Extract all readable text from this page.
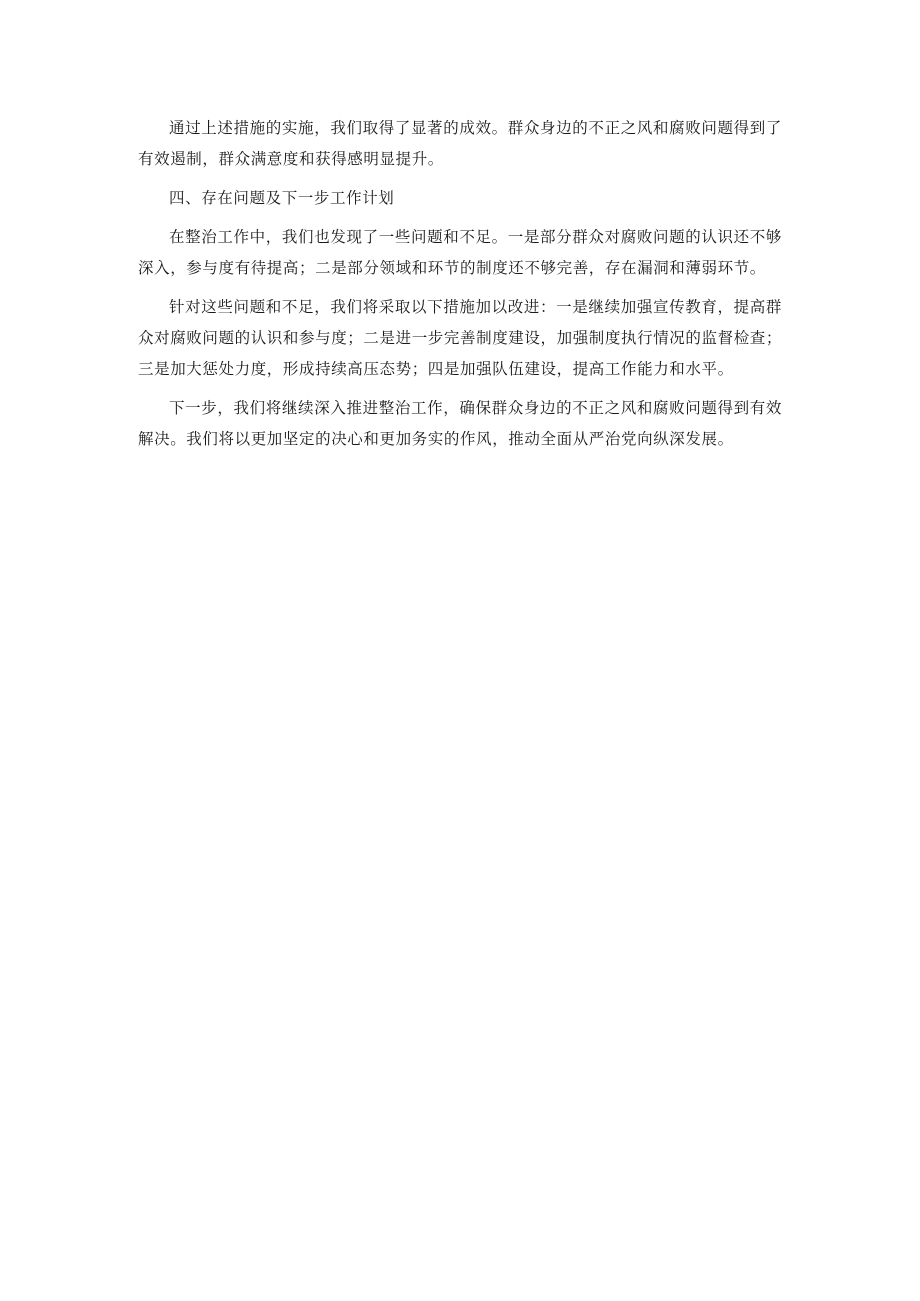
通过上述措施的实施，我们取得了显著的成效。群众身边的不正之风和腐败问题得到了有效遏制，群众满意度和获得感明显提升。

四、存在问题及下一步工作计划

在整治工作中，我们也发现了一些问题和不足。一是部分群众对腐败问题的认识还不够深入，参与度有待提高；二是部分领域和环节的制度还不够完善，存在漏洞和薄弱环节。

针对这些问题和不足，我们将采取以下措施加以改进：一是继续加强宣传教育，提高群众对腐败问题的认识和参与度；二是进一步完善制度建设，加强制度执行情况的监督检查；三是加大惩处力度，形成持续高压态势；四是加强队伍建设，提高工作能力和水平。

下一步，我们将继续深入推进整治工作，确保群众身边的不正之风和腐败问题得到有效解决。我们将以更加坚定的决心和更加务实的作风，推动全面从严治党向纵深发展。
